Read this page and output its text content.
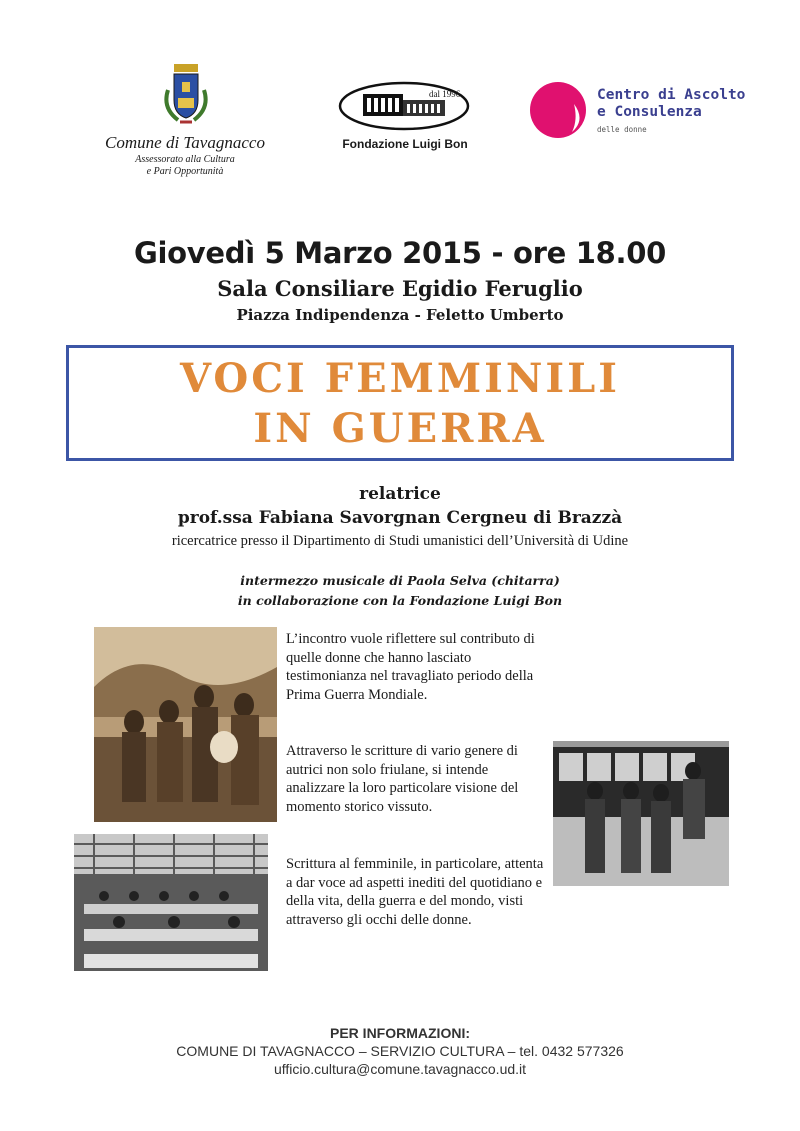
Comune di Tavagnacco
Assessorato alla Cultura
e Pari Opportunità
dal 1996
Fondazione Luigi Bon
Centro di Ascolto
e Consulenza
delle donne
Giovedì 5 Marzo 2015 - ore 18.00
Sala Consiliare Egidio Feruglio
Piazza Indipendenza - Feletto Umberto
VOCI FEMMINILI
IN GUERRA
relatrice
prof.ssa Fabiana Savorgnan Cergneu di Brazzà
ricercatrice presso il Dipartimento di Studi umanistici dell’Università di Udine
intermezzo musicale di Paola Selva (chitarra)
in collaborazione con la Fondazione Luigi Bon

L’incontro vuole riflettere sul contributo di quelle donne che hanno lasciato testimonianza nel travagliato periodo della Prima Guerra Mondiale.

Attraverso le scritture di vario genere di autrici non solo friulane, si intende analizzare la loro particolare visione del momento storico vissuto.

Scrittura al femminile, in particolare, attenta a dar voce ad aspetti inediti del quotidiano e della vita, della guerra e del mondo, visti attraverso gli occhi delle donne.

PER INFORMAZIONI:
COMUNE DI TAVAGNACCO – SERVIZIO CULTURA – tel. 0432 577326
ufficio.cultura@comune.tavagnacco.ud.it
